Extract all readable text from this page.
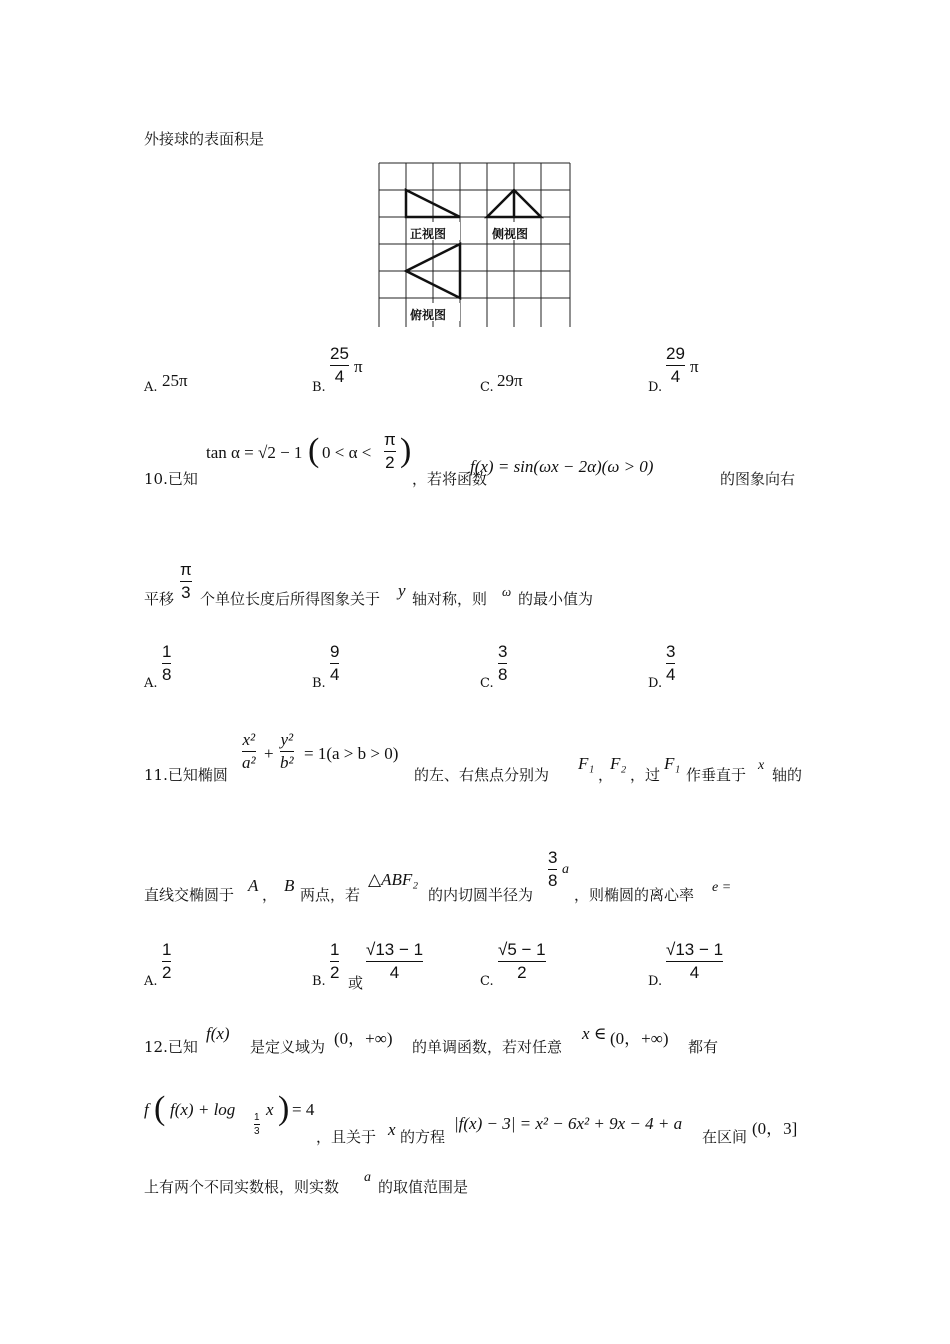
外接球的表面积是
正视图	侧视图
俯视图
A. 25π	B.
25
4
π
C. 29π	D.
29
4
π
10.已知
tan α = √2 − 1 ( 0 < α <
π
2 )
，若将函数
f(x) = sin(ωx − 2α)(ω > 0)
的图象向右
平移
π
3 个单位长度后所得图象关于 y 轴对称，则 ω 的最小值为
A.
1
8	B.
9
4	C.
3
8	D.
3
4
11.已知椭圆
x²
a² +
y²
b² = 1(a > b > 0)
的左、右焦点分别为
F₁
，
F₂
，过
F₁
作垂直于
x
轴的
直线交椭圆于 A ， B 两点，若
△ABF₂
的内切圆半径为
3
8
a
，则椭圆的离心率 e =
A.
1
2	B.
1
2
或
√13 − 1
4	C.
√5 − 1
2	D.
√13 − 1
4
12.已知
f(x)
是定义域为 (0，+∞) 的单调函数，若对任意
x ∈ (0，+∞) 都有
f ( f(x) + log 1
3
x ) = 4
，且关于 x 的方程
|f(x) − 3| = x² − 6x² + 9x − 4 + a
在区间 (0，3]
上有两个不同实数根，则实数
a
的取值范围是
